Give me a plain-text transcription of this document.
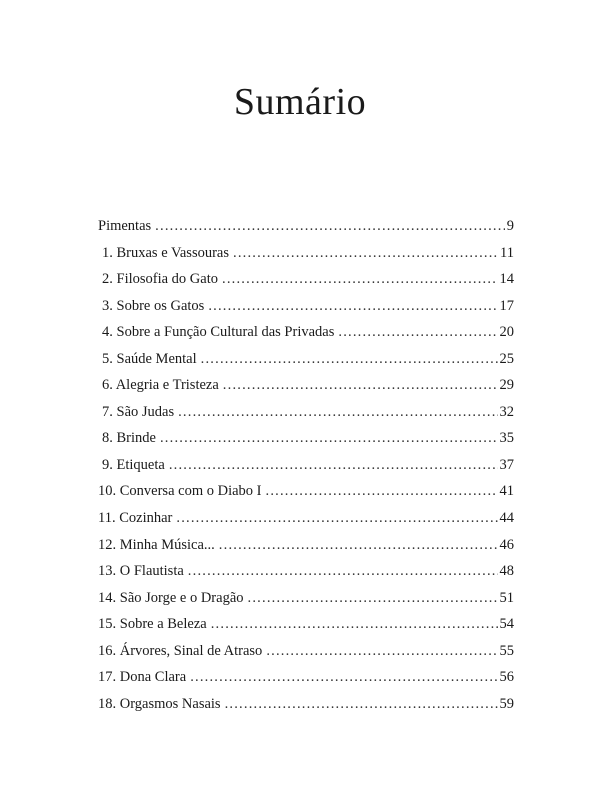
Sumário
Pimentas .....	9
1. Bruxas e Vassouras .....	11
2. Filosofia do Gato .....	14
3. Sobre os Gatos .....	17
4. Sobre a Função Cultural das Privadas .....	20
5. Saúde Mental .....	25
6. Alegria e Tristeza .....	29
7. São Judas .....	32
8. Brinde .....	35
9. Etiqueta .....	37
10. Conversa com o Diabo I .....	41
11. Cozinhar .....	44
12. Minha Música... .....	46
13. O Flautista .....	48
14. São Jorge e o Dragão .....	51
15. Sobre a Beleza .....	54
16. Árvores, Sinal de Atraso .....	55
17. Dona Clara .....	56
18. Orgasmos Nasais .....	59
